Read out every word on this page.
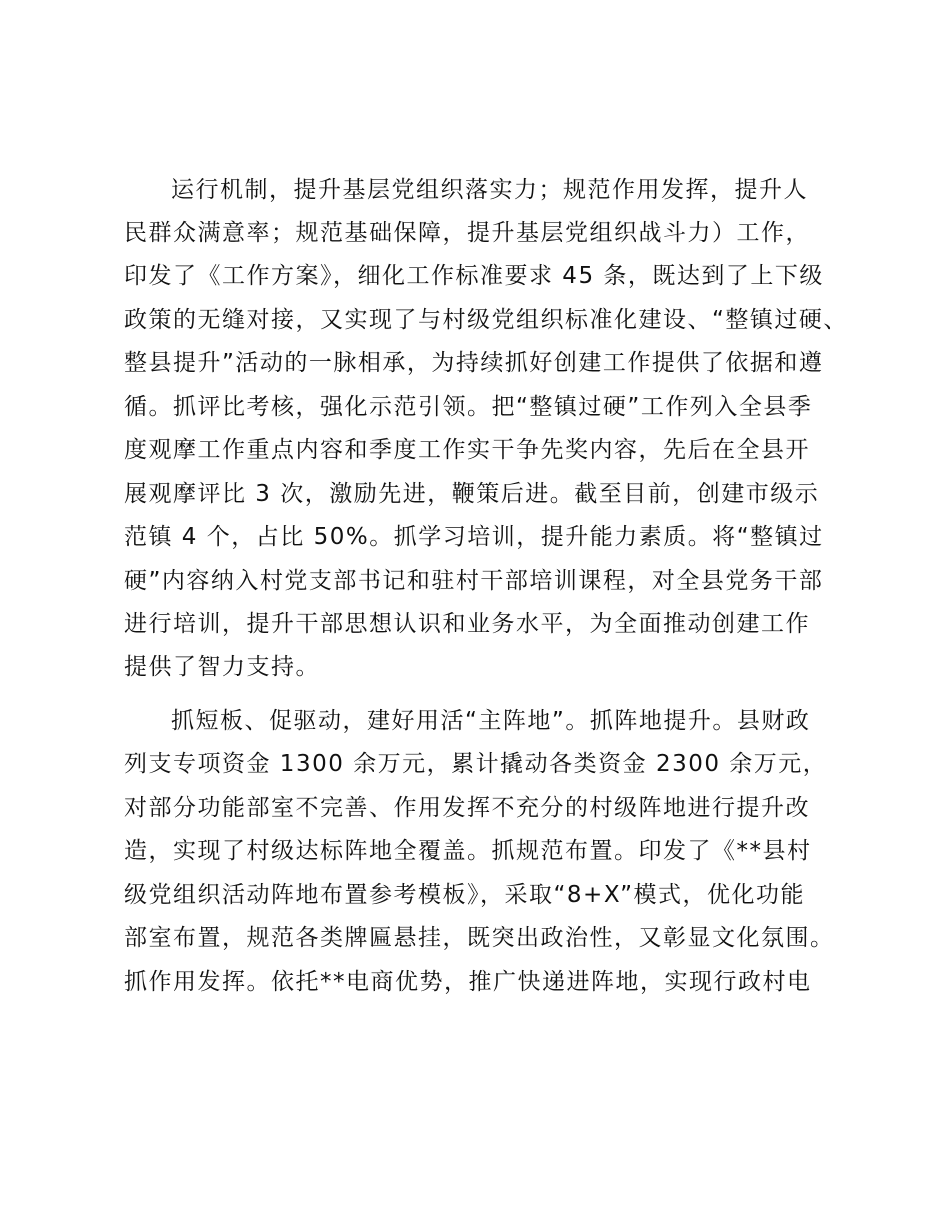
运行机制，提升基层党组织落实力；规范作用发挥，提升人
民群众满意率；规范基础保障，提升基层党组织战斗力）工作，
印发了《工作方案》，细化工作标准要求 45 条，既达到了上下级
政策的无缝对接，又实现了与村级党组织标准化建设、“整镇过硬、
整县提升”活动的一脉相承，为持续抓好创建工作提供了依据和遵
循。抓评比考核，强化示范引领。把“整镇过硬”工作列入全县季
度观摩工作重点内容和季度工作实干争先奖内容，先后在全县开
展观摩评比 3 次，激励先进，鞭策后进。截至目前，创建市级示
范镇 4 个，占比 50%。抓学习培训，提升能力素质。将“整镇过
硬”内容纳入村党支部书记和驻村干部培训课程，对全县党务干部
进行培训，提升干部思想认识和业务水平，为全面推动创建工作
提供了智力支持。
抓短板、促驱动，建好用活“主阵地”。抓阵地提升。县财政
列支专项资金 1300 余万元，累计撬动各类资金 2300 余万元，
对部分功能部室不完善、作用发挥不充分的村级阵地进行提升改
造，实现了村级达标阵地全覆盖。抓规范布置。印发了《**县村
级党组织活动阵地布置参考模板》，采取“8+X”模式，优化功能
部室布置，规范各类牌匾悬挂，既突出政治性，又彰显文化氛围。
抓作用发挥。依托**电商优势，推广快递进阵地，实现行政村电
